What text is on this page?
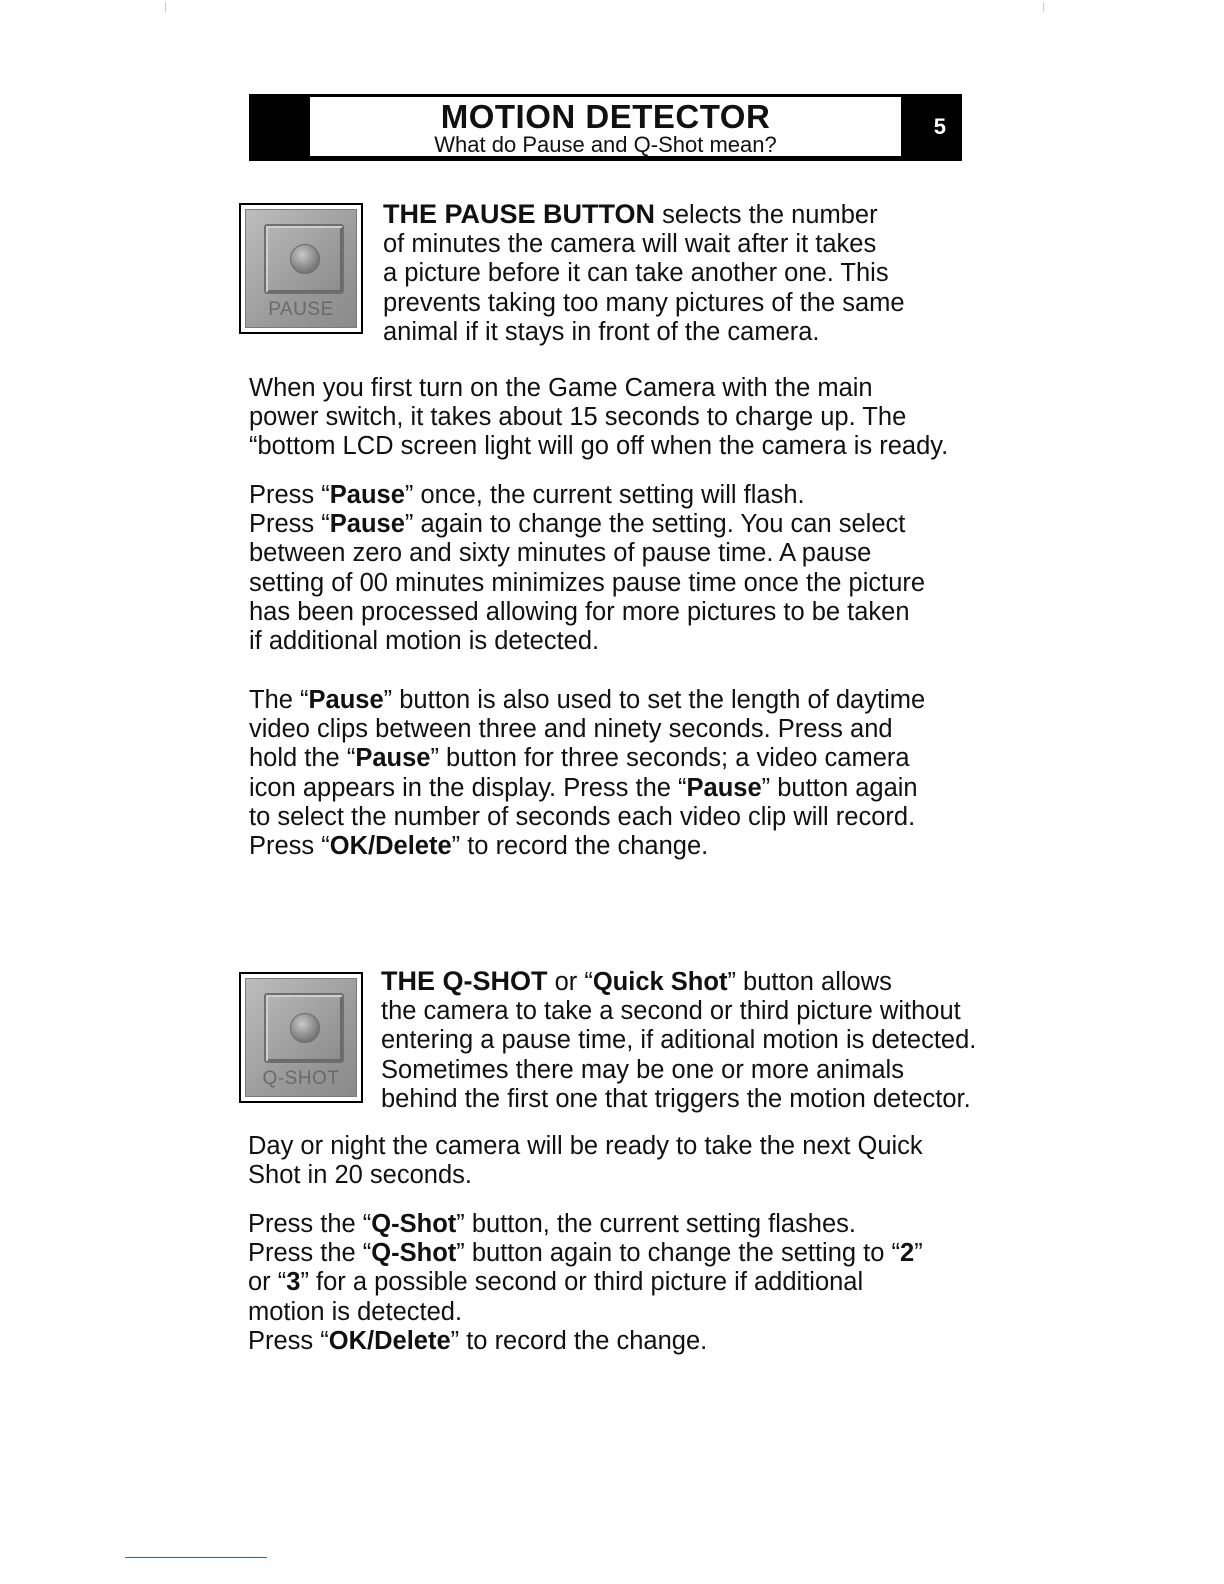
MOTION DETECTOR
What do Pause and Q-Shot mean?
5
PAUSE
THE PAUSE BUTTON selects the number
of minutes the camera will wait after it takes
a picture before it can take another one. This
prevents taking too many pictures of the same
animal if it stays in front of the camera.
When you first turn on the Game Camera with the main
power switch, it takes about 15 seconds to charge up. The
“bottom LCD screen light will go off when the camera is ready.
Press “Pause” once, the current setting will flash.
Press “Pause” again to change the setting. You can select
between zero and sixty minutes of pause time. A pause
setting of 00 minutes minimizes pause time once the picture
has been processed allowing for more pictures to be taken
if additional motion is detected.
The “Pause” button is also used to set the length of daytime
video clips between three and ninety seconds. Press and
hold the “Pause” button for three seconds; a video camera
icon appears in the display. Press the “Pause” button again
to select the number of seconds each video clip will record.
Press “OK/Delete” to record the change.
Q-SHOT
THE Q-SHOT or “Quick Shot” button allows
the camera to take a second or third picture without
entering a pause time, if aditional motion is detected.
Sometimes there may be one or more animals
behind the first one that triggers the motion detector.
Day or night the camera will be ready to take the next Quick
Shot in 20 seconds.
Press the “Q-Shot” button, the current setting flashes.
Press the “Q-Shot” button again to change the setting to “2”
or “3” for a possible second or third picture if additional
motion is detected.
Press “OK/Delete” to record the change.
